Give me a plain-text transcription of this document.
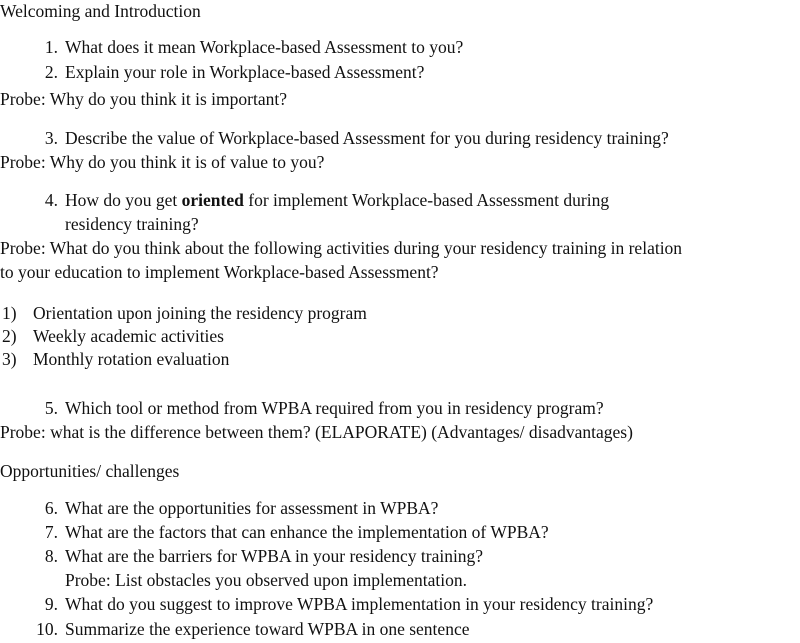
Welcoming and Introduction
1. What does it mean Workplace-based Assessment to you?
2. Explain your role in Workplace-based Assessment?
Probe: Why do you think it is important?
3. Describe the value of Workplace-based Assessment for you during residency training?
Probe: Why do you think it is of value to you?
4. How do you get oriented for implement Workplace-based Assessment during
residency training?
Probe: What do you think about the following activities during your residency training in relation
to your education to implement Workplace-based Assessment?
1) Orientation upon joining the residency program
2) Weekly academic activities
3) Monthly rotation evaluation
5. Which tool or method from WPBA required from you in residency program?
Probe: what is the difference between them? (ELAPORATE) (Advantages/ disadvantages)
Opportunities/ challenges
6. What are the opportunities for assessment in WPBA?
7. What are the factors that can enhance the implementation of WPBA?
8. What are the barriers for WPBA in your residency training?
Probe: List obstacles you observed upon implementation.
9. What do you suggest to improve WPBA implementation in your residency training?
10. Summarize the experience toward WPBA in one sentence
